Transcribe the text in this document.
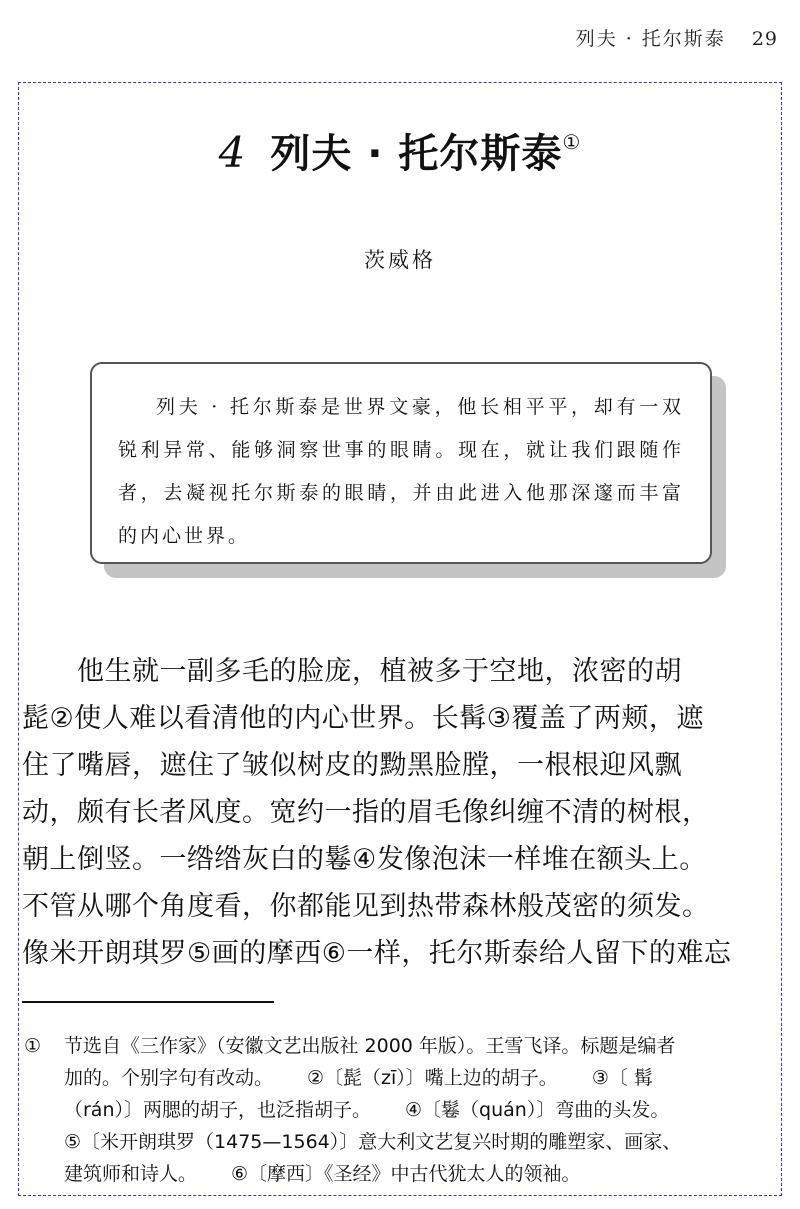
列夫 · 托尔斯泰 29
4 列夫 · 托尔斯泰①
茨威格
列夫 · 托尔斯泰是世界文豪，他长相平平，却有一双锐利异常、能够洞察世事的眼睛。现在，就让我们跟随作者，去凝视托尔斯泰的眼睛，并由此进入他那深邃而丰富的内心世界。
　　他生就一副多毛的脸庞，植被多于空地，浓密的胡
髭②使人难以看清他的内心世界。长髯③覆盖了两颊，遮
住了嘴唇，遮住了皱似树皮的黝黑脸膛，一根根迎风飘
动，颇有长者风度。宽约一指的眉毛像纠缠不清的树根，
朝上倒竖。一绺绺灰白的鬈④发像泡沫一样堆在额头上。
不管从哪个角度看，你都能见到热带森林般茂密的须发。
像米开朗琪罗⑤画的摩西⑥一样，托尔斯泰给人留下的难忘
① 节选自《三作家》（安徽文艺出版社 2000 年版）。王雪飞译。标题是编者
加的。个别字句有改动。 ②〔髭（zī）〕嘴上边的胡子。 ③〔 髯
（rán）〕两腮的胡子，也泛指胡子。 ④〔鬈（quán）〕弯曲的头发。
⑤〔米开朗琪罗（1475—1564）〕意大利文艺复兴时期的雕塑家、画家、
建筑师和诗人。 ⑥〔摩西〕《圣经》中古代犹太人的领袖。
